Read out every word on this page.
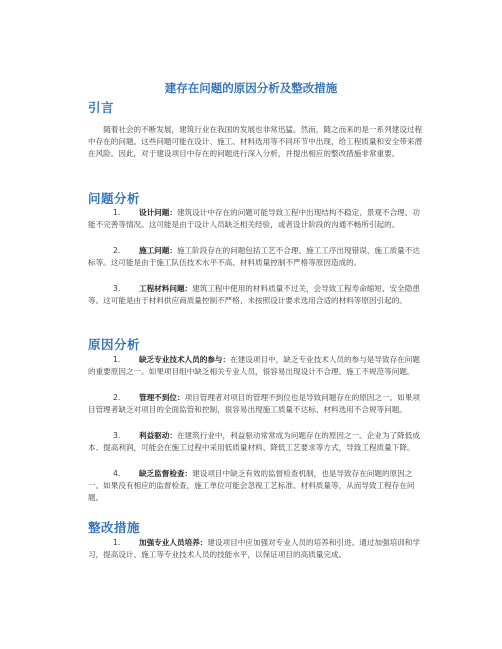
建存在问题的原因分析及整改措施
引言

随着社会的不断发展，建筑行业在我国的发展也非常迅猛。然而，随之而来的是一系列建设过程中存在的问题。这些问题可能在设计、施工、材料选用等不同环节中出现，给工程质量和安全带来潜在风险。因此，对于建设项目中存在的问题进行深入分析，并提出相应的整改措施非常重要。

问题分析

1. 设计问题：建筑设计中存在的问题可能导致工程中出现结构不稳定、景观不合理、功能不完善等情况。这可能是由于设计人员缺乏相关经验，或者设计阶段的沟通不畅所引起的。

2. 施工问题：施工阶段存在的问题包括工艺不合理、施工工序出现错误、施工质量不达标等。这可能是由于施工队伍技术水平不高、材料质量控制不严格等原因造成的。

3. 工程材料问题：建筑工程中使用的材料质量不过关，会导致工程寿命缩短、安全隐患等。这可能是由于材料供应商质量控制不严格、未按照设计要求选用合适的材料等原因引起的。

原因分析

1. 缺乏专业技术人员的参与：在建设项目中，缺乏专业技术人员的参与是导致存在问题的重要原因之一。如果项目组中缺乏相关专业人员，很容易出现设计不合理、施工不规范等问题。

2. 管理不到位：项目管理者对项目的管理不到位也是导致问题存在的原因之一。如果项目管理者缺乏对项目的全面监管和控制，很容易出现施工质量不达标、材料选用不合规等问题。

3. 利益驱动：在建筑行业中，利益驱动常常成为问题存在的原因之一。企业为了降低成本、提高利润，可能会在施工过程中采用低质量材料、降低工艺要求等方式，导致工程质量下降。

4. 缺乏监督检查：建设项目中缺乏有效的监督检查机制，也是导致存在问题的原因之一。如果没有相应的监督检查，施工单位可能会忽视工艺标准、材料质量等，从而导致工程存在问题。

整改措施

1. 加强专业人员培养：建设项目中应加强对专业人员的培养和引进。通过加强培训和学习，提高设计、施工等专业技术人员的技能水平，以保证项目的高质量完成。
